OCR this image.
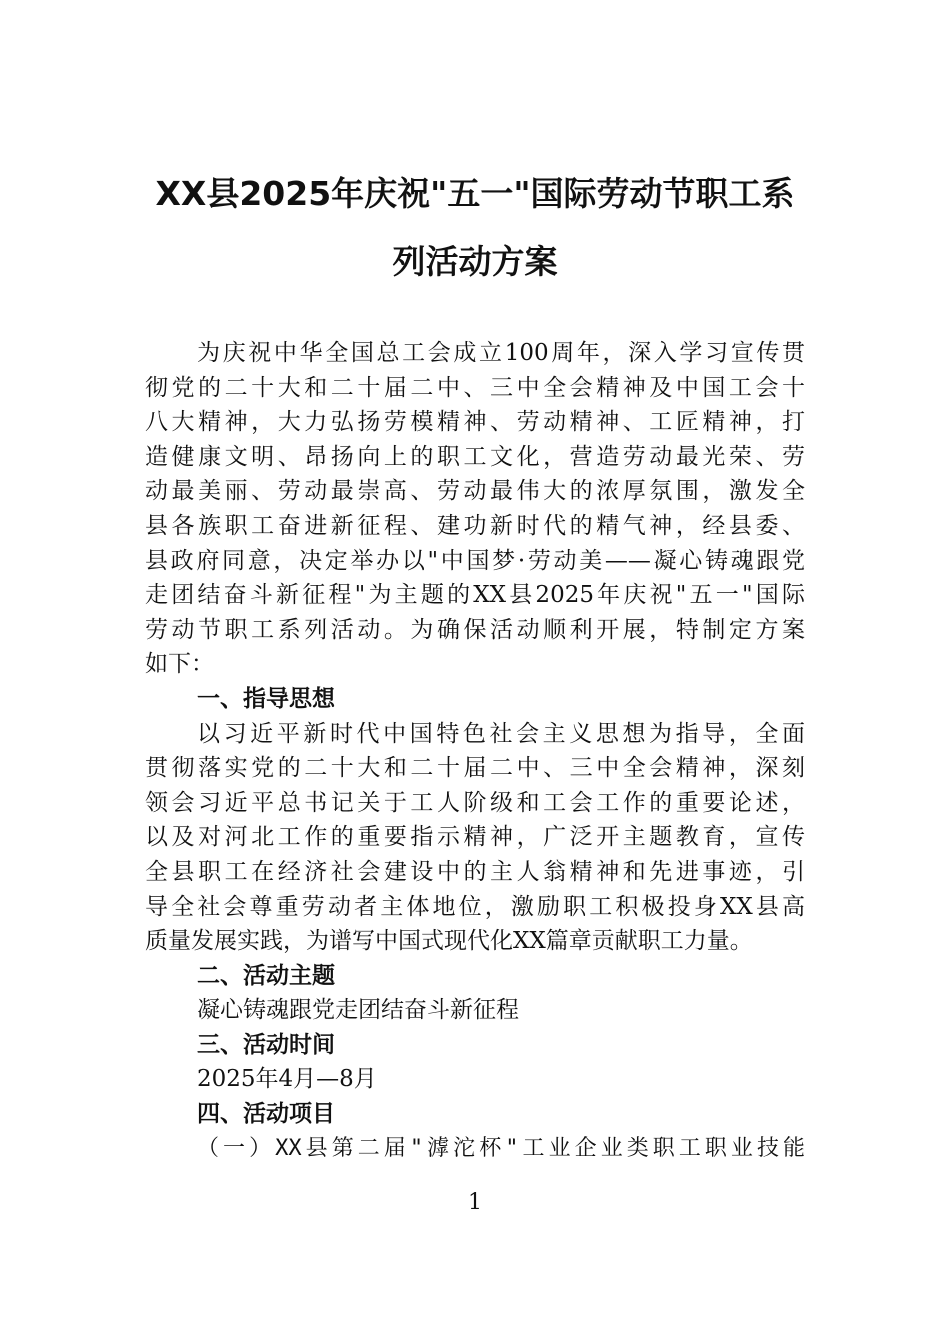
XX县2025年庆祝"五一"国际劳动节职工系
列活动方案
为庆祝中华全国总工会成立100周年，深入学习宣传贯
彻党的二十大和二十届二中、三中全会精神及中国工会十
八大精神，大力弘扬劳模精神、劳动精神、工匠精神，打
造健康文明、昂扬向上的职工文化，营造劳动最光荣、劳
动最美丽、劳动最崇高、劳动最伟大的浓厚氛围，激发全
县各族职工奋进新征程、建功新时代的精气神，经县委、
县政府同意，决定举办以"中国梦·劳动美——凝心铸魂跟党
走团结奋斗新征程"为主题的XX县2025年庆祝"五一"国际
劳动节职工系列活动。为确保活动顺利开展，特制定方案
如下：
一、指导思想
以习近平新时代中国特色社会主义思想为指导，全面
贯彻落实党的二十大和二十届二中、三中全会精神，深刻
领会习近平总书记关于工人阶级和工会工作的重要论述，
以及对河北工作的重要指示精神，广泛开主题教育，宣传
全县职工在经济社会建设中的主人翁精神和先进事迹，引
导全社会尊重劳动者主体地位，激励职工积极投身XX县高
质量发展实践，为谱写中国式现代化XX篇章贡献职工力量。
二、活动主题
凝心铸魂跟党走团结奋斗新征程
三、活动时间
2025年4月—8月
四、活动项目
（一）XX县第二届"滹沱杯"工业企业类职工职业技能
1
